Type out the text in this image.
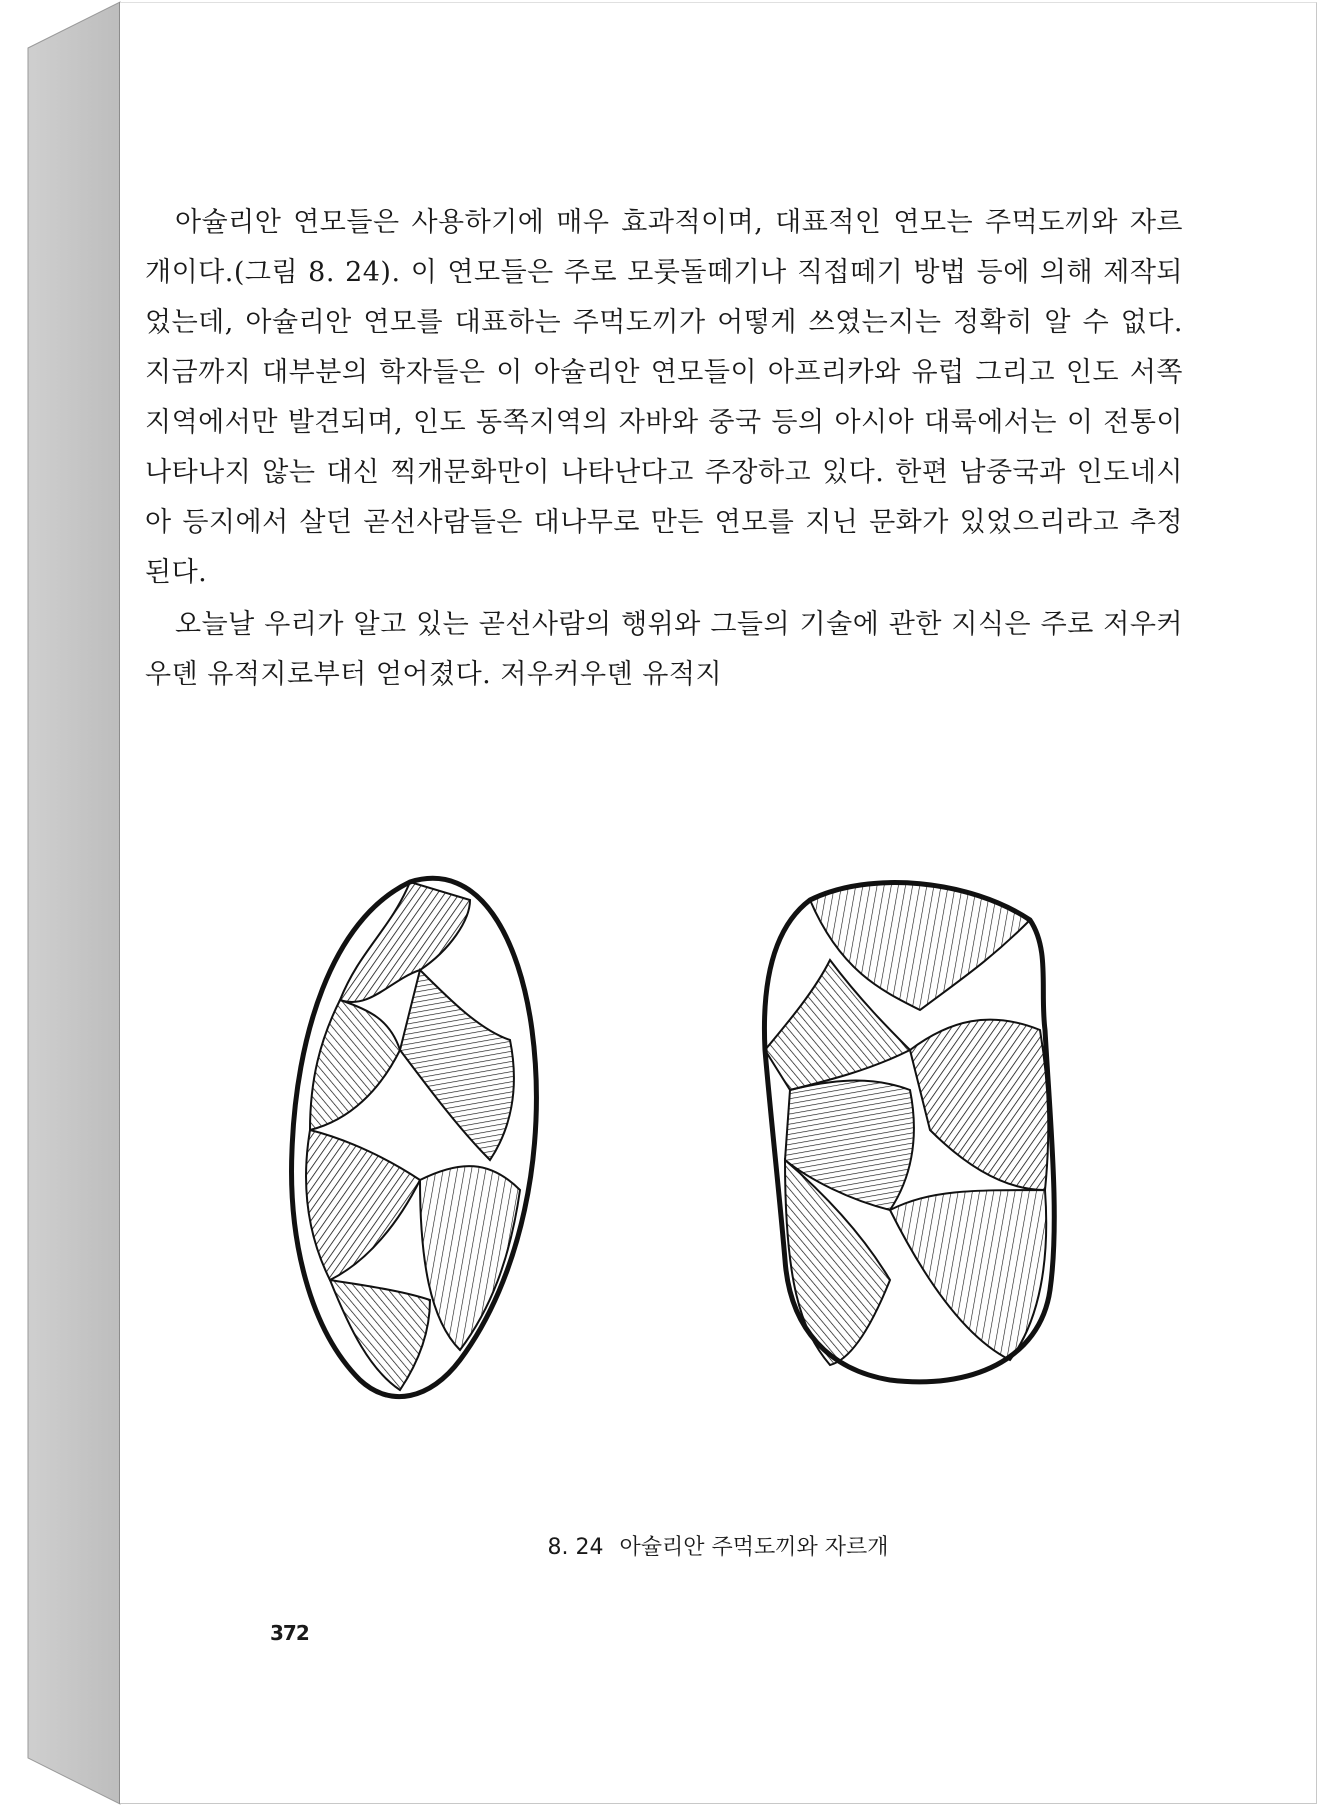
아슐리안 연모들은 사용하기에 매우 효과적이며, 대표적인 연모는 주먹도끼와 자르개이다.(그림 8. 24). 이 연모들은 주로 모룻돌떼기나 직접떼기 방법 등에 의해 제작되었는데, 아슐리안 연모를 대표하는 주먹도끼가 어떻게 쓰였는지는 정확히 알 수 없다. 지금까지 대부분의 학자들은 이 아슐리안 연모들이 아프리카와 유럽 그리고 인도 서쪽지역에서만 발견되며, 인도 동쪽지역의 자바와 중국 등의 아시아 대륙에서는 이 전통이 나타나지 않는 대신 찍개문화만이 나타난다고 주장하고 있다. 한편 남중국과 인도네시아 등지에서 살던 곧선사람들은 대나무로 만든 연모를 지닌 문화가 있었으리라고 추정된다.

오늘날 우리가 알고 있는 곧선사람의 행위와 그들의 기술에 관한 지식은 주로 저우커우뎬 유적지로부터 얻어졌다. 저우커우뎬 유적지

8. 24 아슐리안 주먹도끼와 자르개
372
